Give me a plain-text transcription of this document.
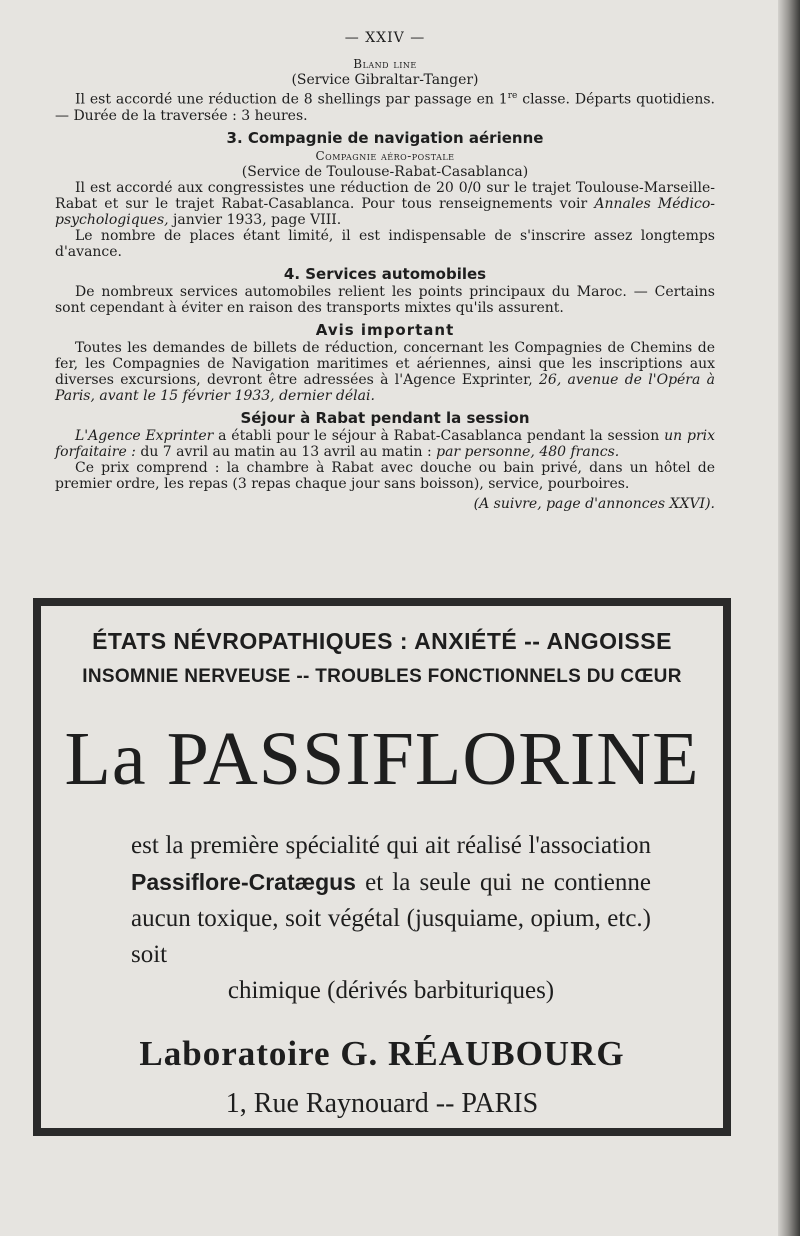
— XXIV —
Bland line
(Service Gibraltar-Tanger)

Il est accordé une réduction de 8 shellings par passage en 1re classe. Départs quotidiens. — Durée de la traversée : 3 heures.

3. Compagnie de navigation aérienne
Compagnie aéro-postale
(Service de Toulouse-Rabat-Casablanca)

Il est accordé aux congressistes une réduction de 20 0/0 sur le trajet Toulouse-Marseille-Rabat et sur le trajet Rabat-Casablanca. Pour tous renseignements voir Annales Médico-psychologiques, janvier 1933, page VIII.

Le nombre de places étant limité, il est indispensable de s'inscrire assez longtemps d'avance.

4. Services automobiles

De nombreux services automobiles relient les points principaux du Maroc. — Certains sont cependant à éviter en raison des transports mixtes qu'ils assurent.

Avis important

Toutes les demandes de billets de réduction, concernant les Compagnies de Chemins de fer, les Compagnies de Navigation maritimes et aériennes, ainsi que les inscriptions aux diverses excursions, devront être adressées à l'Agence Exprinter, 26, avenue de l'Opéra à Paris, avant le 15 février 1933, dernier délai.

Séjour à Rabat pendant la session

L'Agence Exprinter a établi pour le séjour à Rabat-Casablanca pendant la session un prix forfaitaire : du 7 avril au matin au 13 avril au matin : par personne, 480 francs.

Ce prix comprend : la chambre à Rabat avec douche ou bain privé, dans un hôtel de premier ordre, les repas (3 repas chaque jour sans boisson), service, pourboires.

(A suivre, page d'annonces XXVI).
ÉTATS NÉVROPATHIQUES : ANXIÉTÉ -- ANGOISSE
INSOMNIE NERVEUSE -- TROUBLES FONCTIONNELS DU CŒUR
La PASSIFLORINE
est la première spécialité qui ait réalisé l'association Passiflore-Cratægus et la seule qui ne contienne aucun toxique, soit végétal (jusquiame, opium, etc.) soit
chimique (dérivés barbituriques)
Laboratoire G. RÉAUBOURG
1, Rue Raynouard -- PARIS
